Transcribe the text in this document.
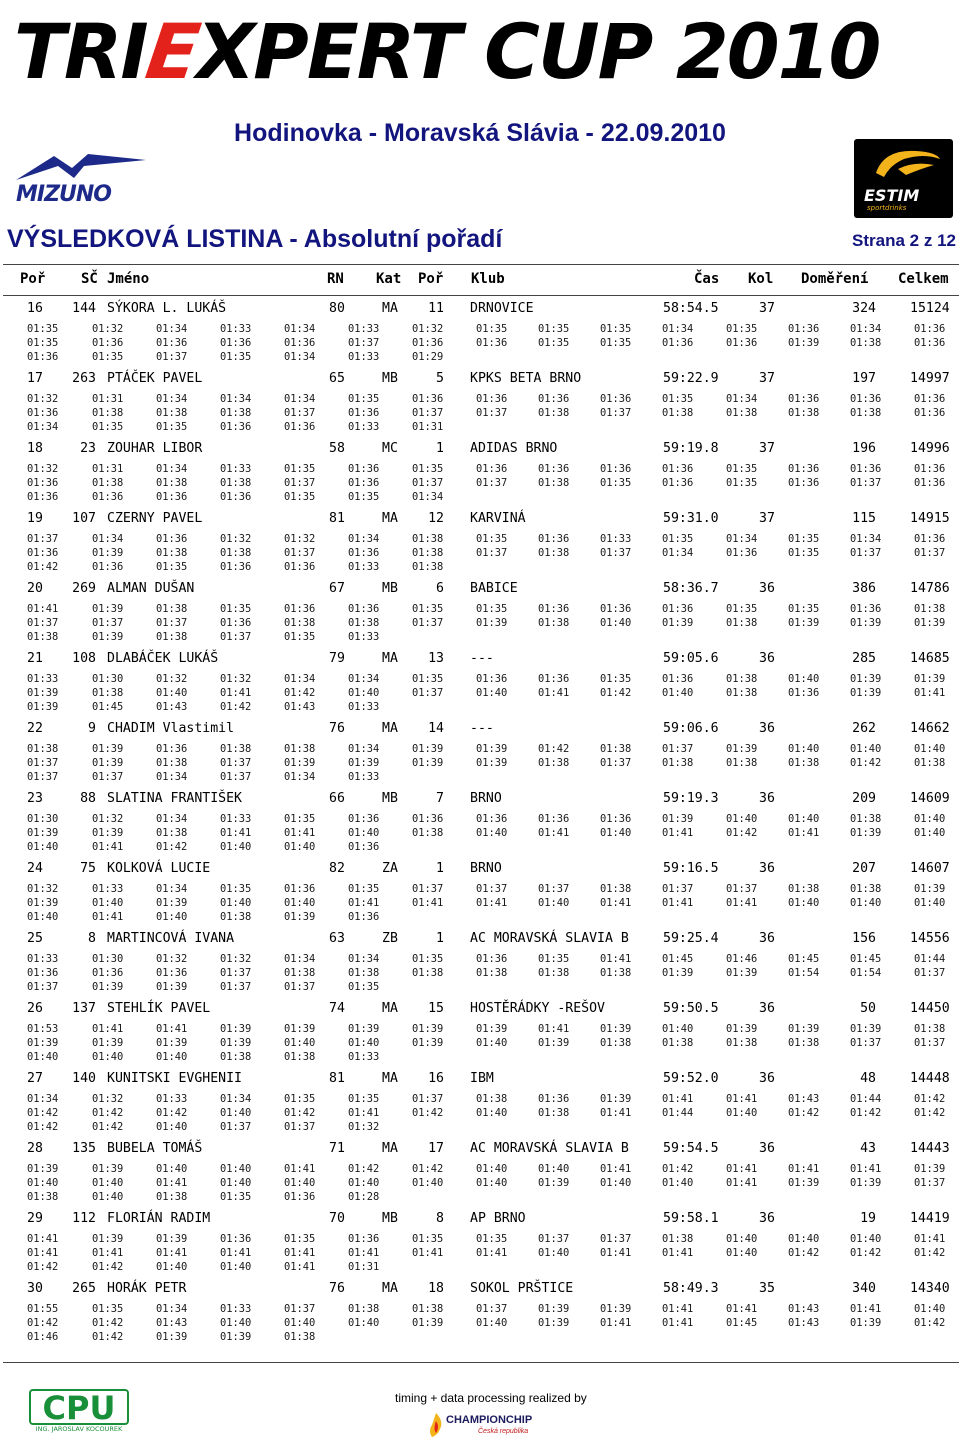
TRIEXPERT CUP 2010
Hodinovka - Moravská Slávia - 22.09.2010
MIZUNO	ESTIM
sportdrinks
VÝSLEDKOVÁ LISTINA - Absolutní pořadí	Strana 2 z 12
Poř	SČ Jméno	RN Kat Poř Klub	Čas Kol Doměření Celkem
16	144 SÝKORA L. LUKÁŠ	80	MA	11 DRNOVICE	58:54.5	37	324	15124
01:35	01:32	01:34	01:33	01:34	01:33	01:32	01:35	01:35	01:35	01:34	01:35	01:36	01:34	01:36
01:35	01:36	01:36	01:36	01:36	01:37	01:36	01:36	01:35	01:35	01:36	01:36	01:39	01:38	01:36
01:36	01:35	01:37	01:35	01:34	01:33	01:29
17	263 PTÁČEK PAVEL	65	MB	5 KPKS BETA BRNO	59:22.9	37	197	14997
01:32	01:31	01:34	01:34	01:34	01:35	01:36	01:36	01:36	01:36	01:35	01:34	01:36	01:36	01:36
01:36	01:38	01:38	01:38	01:37	01:36	01:37	01:37	01:38	01:37	01:38	01:38	01:38	01:38	01:36
01:34	01:35	01:35	01:36	01:36	01:33	01:31
18	23 ZOUHAR LIBOR	58	MC	1 ADIDAS BRNO	59:19.8	37	196	14996
01:32	01:31	01:34	01:33	01:35	01:36	01:35	01:36	01:36	01:36	01:36	01:35	01:36	01:36	01:36
01:36	01:38	01:38	01:38	01:37	01:36	01:37	01:37	01:38	01:35	01:36	01:35	01:36	01:37	01:36
01:36	01:36	01:36	01:36	01:35	01:35	01:34
19	107 CZERNY PAVEL	81	MA	12 KARVINÁ	59:31.0	37	115	14915
01:37	01:34	01:36	01:32	01:32	01:34	01:38	01:35	01:36	01:33	01:35	01:34	01:35	01:34	01:36
01:36	01:39	01:38	01:38	01:37	01:36	01:38	01:37	01:38	01:37	01:34	01:36	01:35	01:37	01:37
01:42	01:36	01:35	01:36	01:36	01:33	01:38
20	269 ALMAN DUŠAN	67	MB	6 BABICE	58:36.7	36	386	14786
01:41	01:39	01:38	01:35	01:36	01:36	01:35	01:35	01:36	01:36	01:36	01:35	01:35	01:36	01:38
01:37	01:37	01:37	01:36	01:38	01:38	01:37	01:39	01:38	01:40	01:39	01:38	01:39	01:39	01:39
01:38	01:39	01:38	01:37	01:35	01:33
21	108 DLABÁČEK LUKÁŠ	79	MA	13 ---	59:05.6	36	285	14685
01:33	01:30	01:32	01:32	01:34	01:34	01:35	01:36	01:36	01:35	01:36	01:38	01:40	01:39	01:39
01:39	01:38	01:40	01:41	01:42	01:40	01:37	01:40	01:41	01:42	01:40	01:38	01:36	01:39	01:41
01:39	01:45	01:43	01:42	01:43	01:33
22	9 CHADIM Vlastimil	76	MA	14 ---	59:06.6	36	262	14662
01:38	01:39	01:36	01:38	01:38	01:34	01:39	01:39	01:42	01:38	01:37	01:39	01:40	01:40	01:40
01:37	01:39	01:38	01:37	01:39	01:39	01:39	01:39	01:38	01:37	01:38	01:38	01:38	01:42	01:38
01:37	01:37	01:34	01:37	01:34	01:33
23	88 SLATINA FRANTIŠEK	66	MB	7 BRNO	59:19.3	36	209	14609
01:30	01:32	01:34	01:33	01:35	01:36	01:36	01:36	01:36	01:36	01:39	01:40	01:40	01:38	01:40
01:39	01:39	01:38	01:41	01:41	01:40	01:38	01:40	01:41	01:40	01:41	01:42	01:41	01:39	01:40
01:40	01:41	01:42	01:40	01:40	01:36
24	75 KOLKOVÁ LUCIE	82	ZA	1 BRNO	59:16.5	36	207	14607
01:32	01:33	01:34	01:35	01:36	01:35	01:37	01:37	01:37	01:38	01:37	01:37	01:38	01:38	01:39
01:39	01:40	01:39	01:40	01:40	01:41	01:41	01:41	01:40	01:41	01:41	01:41	01:40	01:40	01:40
01:40	01:41	01:40	01:38	01:39	01:36
25	8 MARTINCOVÁ IVANA	63	ZB	1 AC MORAVSKÁ SLAVIA B	59:25.4	36	156	14556
01:33	01:30	01:32	01:32	01:34	01:34	01:35	01:36	01:35	01:41	01:45	01:46	01:45	01:45	01:44
01:36	01:36	01:36	01:37	01:38	01:38	01:38	01:38	01:38	01:38	01:39	01:39	01:54	01:54	01:37
01:37	01:39	01:39	01:37	01:37	01:35
26	137 STEHLÍK PAVEL	74	MA	15 HOSTĚRÁDKY -REŠOV	59:50.5	36	50	14450
01:53	01:41	01:41	01:39	01:39	01:39	01:39	01:39	01:41	01:39	01:40	01:39	01:39	01:39	01:38
01:39	01:39	01:39	01:39	01:40	01:40	01:39	01:40	01:39	01:38	01:38	01:38	01:38	01:37	01:37
01:40	01:40	01:40	01:38	01:38	01:33
27	140 KUNITSKI EVGHENII	81	MA	16 IBM	59:52.0	36	48	14448
01:34	01:32	01:33	01:34	01:35	01:35	01:37	01:38	01:36	01:39	01:41	01:41	01:43	01:44	01:42
01:42	01:42	01:42	01:40	01:42	01:41	01:42	01:40	01:38	01:41	01:44	01:40	01:42	01:42	01:42
01:42	01:42	01:40	01:37	01:37	01:32
28	135 BUBELA TOMÁŠ	71	MA	17 AC MORAVSKÁ SLAVIA B	59:54.5	36	43	14443
01:39	01:39	01:40	01:40	01:41	01:42	01:42	01:40	01:40	01:41	01:42	01:41	01:41	01:41	01:39
01:40	01:40	01:41	01:40	01:40	01:40	01:40	01:40	01:39	01:40	01:40	01:41	01:39	01:39	01:37
01:38	01:40	01:38	01:35	01:36	01:28
29	112 FLORIÁN RADIM	70	MB	8 AP BRNO	59:58.1	36	19	14419
01:41	01:39	01:39	01:36	01:35	01:36	01:35	01:35	01:37	01:37	01:38	01:40	01:40	01:40	01:41
01:41	01:41	01:41	01:41	01:41	01:41	01:41	01:41	01:40	01:41	01:41	01:40	01:42	01:42	01:42
01:42	01:42	01:40	01:40	01:41	01:31
30	265 HORÁK PETR	76	MA	18 SOKOL PRŠTICE	58:49.3	35	340	14340
01:55	01:35	01:34	01:33	01:37	01:38	01:38	01:37	01:39	01:39	01:41	01:41	01:43	01:41	01:40
01:42	01:42	01:43	01:40	01:40	01:40	01:39	01:40	01:39	01:41	01:41	01:45	01:43	01:39	01:42
01:46	01:42	01:39	01:39	01:38
CPU
ING. JAROSLAV KOCOUREK
timing + data processing realized by
CHAMPIONCHIP
Česká republika
